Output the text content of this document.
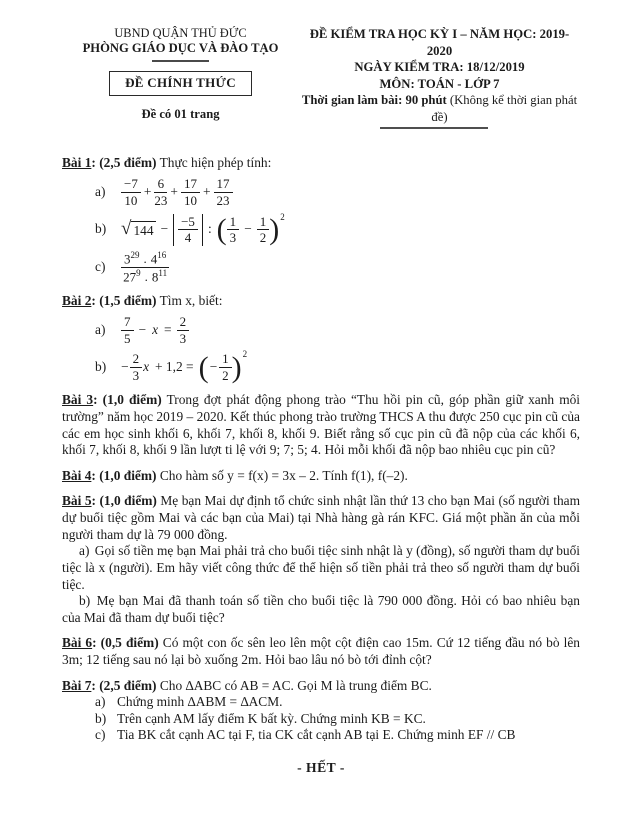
UBND QUẬN THỦ ĐỨC
PHÒNG GIÁO DỤC VÀ ĐÀO TẠO
ĐỀ CHÍNH THỨC
Đề có 01 trang
ĐỀ KIỂM TRA HỌC KỲ I – NĂM HỌC: 2019-2020
NGÀY KIỂM TRA: 18/12/2019
MÔN: TOÁN - LỚP 7
Thời gian làm bài: 90 phút (Không kể thời gian phát đề)

Bài 1: (2,5 điểm) Thực hiện phép tính:

a)	$\frac{-7}{10} + \frac{6}{23} + \frac{17}{10} + \frac{17}{23}$
b) √ $144 - \frac{-5}{4}$ : ( $\frac{1}{3} - \frac{1}{2} )^2$
c)	$\frac{3^{29} . 4^{16}}{27^9 . 8^{11}}$

Bài 2: (1,5 điểm) Tìm x, biết:

a)	$\frac{7}{5} - x = \frac{2}{3}$
b)	− $\frac{2}{3}$ x + 1,2 = ( − $\frac{1}{2} )^2$

Bài 3: (1,0 điểm) Trong đợt phát động phong trào “Thu hồi pin cũ, góp phần giữ xanh môi trường” năm học 2019 – 2020. Kết thúc phong trào trường THCS A thu được 250 cục pin cũ của các em học sinh khối 6, khối 7, khối 8, khối 9. Biết rằng số cục pin cũ đã nộp của các khối 6, khối 7, khối 8, khối 9 lần lượt ti lệ với 9; 7; 5; 4. Hỏi mỗi khối đã nộp bao nhiêu cục pin cũ?

Bài 4: (1,0 điểm) Cho hàm số y = f(x) = 3x – 2. Tính f(1), f(–2).

Bài 5: (1,0 điểm) Mẹ bạn Mai dự định tổ chức sinh nhật lần thứ 13 cho bạn Mai (số người tham dự buổi tiệc gồm Mai và các bạn của Mai) tại Nhà hàng gà rán KFC. Giá một phần ăn của mỗi người tham dự là 79 000 đồng.

a) Gọi số tiền mẹ bạn Mai phải trả cho buổi tiệc sinh nhật là y (đồng), số người tham dự buổi tiệc là x (người). Em hãy viết công thức để thể hiện số tiền phải trả theo số người tham dự buổi tiệc.

b) Mẹ bạn Mai đã thanh toán số tiền cho buổi tiệc là 790 000 đồng. Hỏi có bao nhiêu bạn của Mai đã tham dự buổi tiệc?

Bài 6: (0,5 điểm) Có một con ốc sên leo lên một cột điện cao 15m. Cứ 12 tiếng đầu nó bò lên 3m; 12 tiếng sau nó lại bò xuống 2m. Hỏi bao lâu nó bò tới đỉnh cột?

Bài 7: (2,5 điểm) Cho ∆ABC có AB = AC. Gọi M là trung điểm BC.

a) Chứng minh ∆ABM = ∆ACM.
b) Trên cạnh AM lấy điểm K bất kỳ. Chứng minh KB = KC.
c) Tia BK cắt cạnh AC tại F, tia CK cắt cạnh AB tại E. Chứng minh EF // CB
- HẾT -
